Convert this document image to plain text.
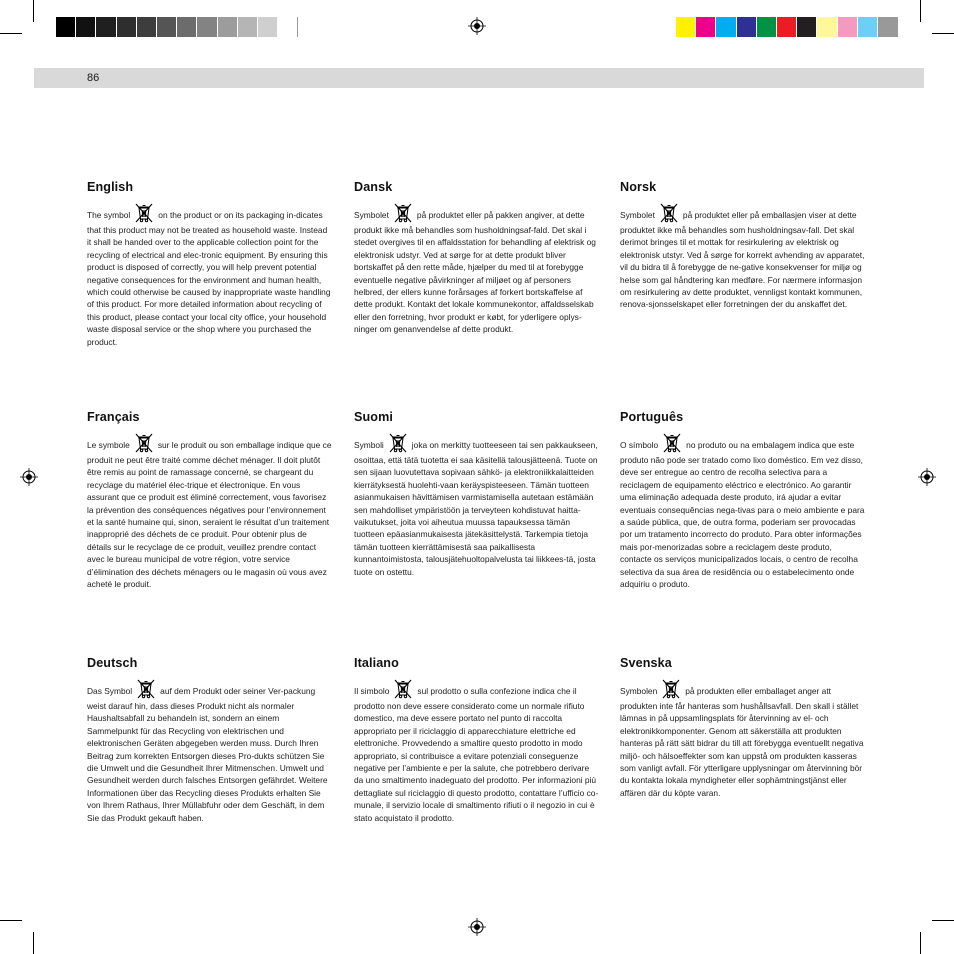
86
English

The symbol	on the product or on its packaging in-dicates that this product may not be treated as household waste. Instead it shall be handed over to the applicable collection point for the recycling of electrical and elec-tronic equipment. By ensuring this product is disposed of correctly, you will help prevent potential negative consequences for the environment and human health, which could otherwise be caused by inappropriate waste handling of this product. For more detailed information about recycling of this product, please contact your local city office, your household waste disposal service or the shop where you purchased the product.

Dansk

Symbolet	på produktet eller på pakken angiver, at dette produkt ikke må behandles som husholdningsaf-fald. Det skal i stedet overgives til en affaldsstation for behandling af elektrisk og elektronisk udstyr. Ved at sørge for at dette produkt bliver bortskaffet på den rette måde, hjælper du med til at forebygge eventuelle negative påvirkninger af miljøet og af personers helbred, der ellers kunne forårsages af forkert bortskaffelse af dette produkt. Kontakt det lokale kommunekontor, affaldsselskab eller den forretning, hvor produkt er købt, for yderligere oplys-ninger om genanvendelse af dette produkt.

Norsk

Symbolet	på produktet eller på emballasjen viser at dette produktet ikke må behandles som husholdningsav-fall. Det skal derimot bringes til et mottak for resirkulering av elektrisk og elektronisk utstyr. Ved å sørge for korrekt avhending av apparatet, vil du bidra til å forebygge de ne-gative konsekvenser for miljø og helse som gal håndtering kan medføre. For nærmere informasjon om resirkulering av dette produktet, vennligst kontakt kommunen, renova-sjonsselskapet eller forretningen der du anskaffet det.

Français

Le symbole	sur le produit ou son emballage indique que ce produit ne peut être traité comme déchet ménager. Il doit plutôt être remis au point de ramassage concerné, se chargeant du recyclage du matériel élec-trique et électronique. En vous assurant que ce produit est éliminé correctement, vous favorisez la prévention des conséquences négatives pour l’environnement et la santé humaine qui, sinon, seraient le résultat d’un traitement inapproprié des déchets de ce produit. Pour obtenir plus de détails sur le recyclage de ce produit, veuillez prendre contact avec le bureau municipal de votre région, votre service d’élimination des déchets ménagers ou le magasin où vous avez acheté le produit.

Suomi

Symboli	joka on merkitty tuotteeseen tai sen pakkaukseen, osoittaa, että tätä tuotetta ei saa käsitellä talousjätteenä. Tuote on sen sijaan luovutettava sopivaan sähkö- ja elektroniikkalaitteiden kierrätyksestä huolehti-vaan keräyspisteeseen. Tämän tuotteen asianmukaisen hävittämisen varmistamisella autetaan estämään sen mahdolliset ympäristöön ja terveyteen kohdistuvat haitta-vaikutukset, joita voi aiheutua muussa tapauksessa tämän tuotteen epäasianmukaisesta jätekäsittelystä. Tarkempia tietoja tämän tuotteen kierrättämisestä saa paikallisesta kunnantoimistosta, talousjätehuoltopalvelusta tai liikkees-tä, josta tuote on ostettu.

Português

O símbolo	no produto ou na embalagem indica que este produto não pode ser tratado como lixo doméstico. Em vez disso, deve ser entregue ao centro de recolha selectiva para a reciclagem de equipamento eléctrico e electrónico. Ao garantir uma eliminação adequada deste produto, irá ajudar a evitar eventuais consequências nega-tivas para o meio ambiente e para a saúde pública, que, de outra forma, poderiam ser provocadas por um tratamento incorrecto do produto. Para obter informações mais por-menorizadas sobre a reciclagem deste produto, contacte os serviços municipalizados locais, o centro de recolha selectiva da sua área de residência ou o estabelecimento onde adquiriu o produto.

Deutsch

Das Symbol	auf dem Produkt oder seiner Ver-packung weist darauf hin, dass dieses Produkt nicht als normaler Haushaltsabfall zu behandeln ist, sondern an einem Sammelpunkt für das Recycling von elektrischen und elektronischen Geräten abgegeben werden muss. Durch Ihren Beitrag zum korrekten Entsorgen dieses Pro-dukts schützen Sie die Umwelt und die Gesundheit Ihrer Mitmenschen. Umwelt und Gesundheit werden durch falsches Entsorgen gefährdet. Weitere Informationen über das Recycling dieses Produkts erhalten Sie von Ihrem Rathaus, Ihrer Müllabfuhr oder dem Geschäft, in dem Sie das Produkt gekauft haben.

Italiano

Il simbolo	sul prodotto o sulla confezione indica che il prodotto non deve essere considerato come un normale rifiuto domestico, ma deve essere portato nel punto di raccolta appropriato per il riciclaggio di apparecchiature elettriche ed elettroniche. Provvedendo a smaltire questo prodotto in modo appropriato, si contribuisce a evitare potenziali conseguenze negative per l’ambiente e per la salute, che potrebbero derivare da uno smaltimento inadeguato del prodotto. Per informazioni più dettagliate sul riciclaggio di questo prodotto, contattare l’ufficio co-munale, il servizio locale di smaltimento rifiuti o il negozio in cui è stato acquistato il prodotto.

Svenska

Symbolen	på produkten eller emballaget anger att produkten inte får hanteras som hushållsavfall. Den skall i stället lämnas in på uppsamlingsplats för återvinning av el- och elektronikkomponenter. Genom att säkerställa att produkten hanteras på rätt sätt bidrar du till att förebygga eventuellt negativa miljö- och hälsoeffekter som kan uppstå om produkten kasseras som vanligt avfall. För ytterligare upplysningar om återvinning bör du kontakta lokala myndigheter eller sophämtningstjänst eller affären där du köpte varan.
